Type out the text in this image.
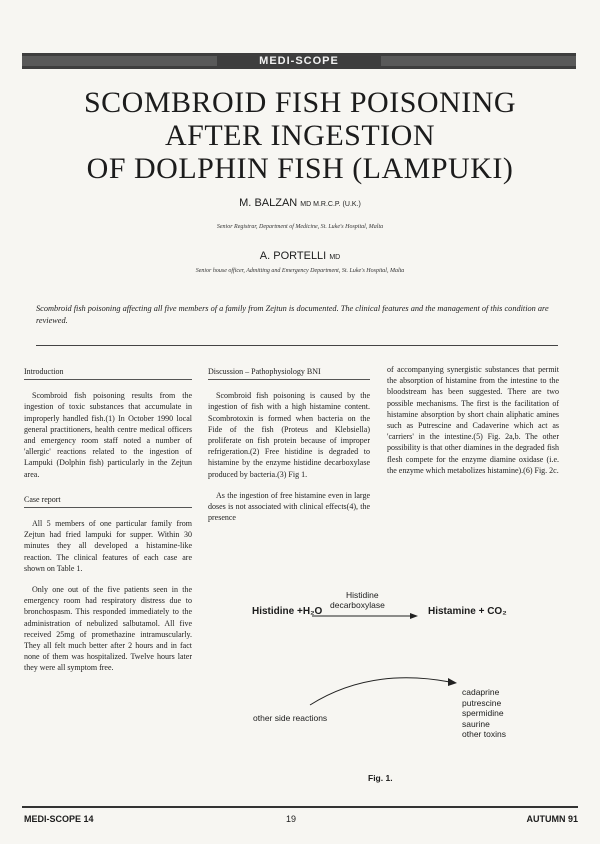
MEDI-SCOPE
SCOMBROID FISH POISONING
AFTER INGESTION
OF DOLPHIN FISH (LAMPUKI)
M. BALZAN MD M.R.C.P. (U.K.)
Senior Registrar, Department of Medicine, St. Luke's Hospital, Malta
A. PORTELLI MD
Senior house officer, Admitting and Emergency Department, St. Luke's Hospital, Malta

Scombroid fish poisoning affecting all five members of a family from Zejtun is documented. The clinical features and the management of this condition are reviewed.

Introduction

Scombroid fish poisoning results from the ingestion of toxic substances that accumulate in improperly handled fish.(1) In October 1990 local general practitioners, health centre medical officers and emergency room staff noted a number of 'allergic' reactions related to the ingestion of Lampuki (Dolphin fish) particularly in the Zejtun area.

Case report

All 5 members of one particular family from Zejtun had fried lampuki for supper. Within 30 minutes they all developed a histamine-like reaction. The clinical features of each case are shown on Table 1.

Only one out of the five patients seen in the emergency room had respiratory distress due to bronchospasm. This responded immediately to the administration of nebulized salbutamol. All five received 25mg of promethazine intramuscularly. They all felt much better after 2 hours and in fact none of them was hospitalized. Twelve hours later they were all symptom free.

Discussion – Pathophysiology BNI

Scombroid fish poisoning is caused by the ingestion of fish with a high histamine content. Scombrotoxin is formed when bacteria on the Fide of the fish (Proteus and Klebsiella) proliferate on fish protein because of improper refrigeration.(2) Free histidine is degraded to histamine by the enzyme histidine decarboxylase produced by bacteria.(3) Fig 1.

As the ingestion of free histamine even in large doses is not associated with clinical effects(4), the presence

of accompanying synergistic substances that permit the absorption of histamine from the intestine to the bloodstream has been suggested. There are two possible mechanisms. The first is the facilitation of histamine absorption by short chain aliphatic amines such as Putrescine and Cadaverine which act as 'carriers' in the intestine.(5) Fig. 2a,b. The other possibility is that other diamines in the degraded fish flesh compete for the enzyme diamine oxidase (i.e. the enzyme which metabolizes histamine).(6) Fig. 2c.

Histidine
decarboxylase
Histidine +H₂O	Histamine + CO₂
other side reactions
cadaprine
putrescine
spermidine
saurine
other toxins
Fig. 1.
MEDI-SCOPE 14	19	AUTUMN 91
